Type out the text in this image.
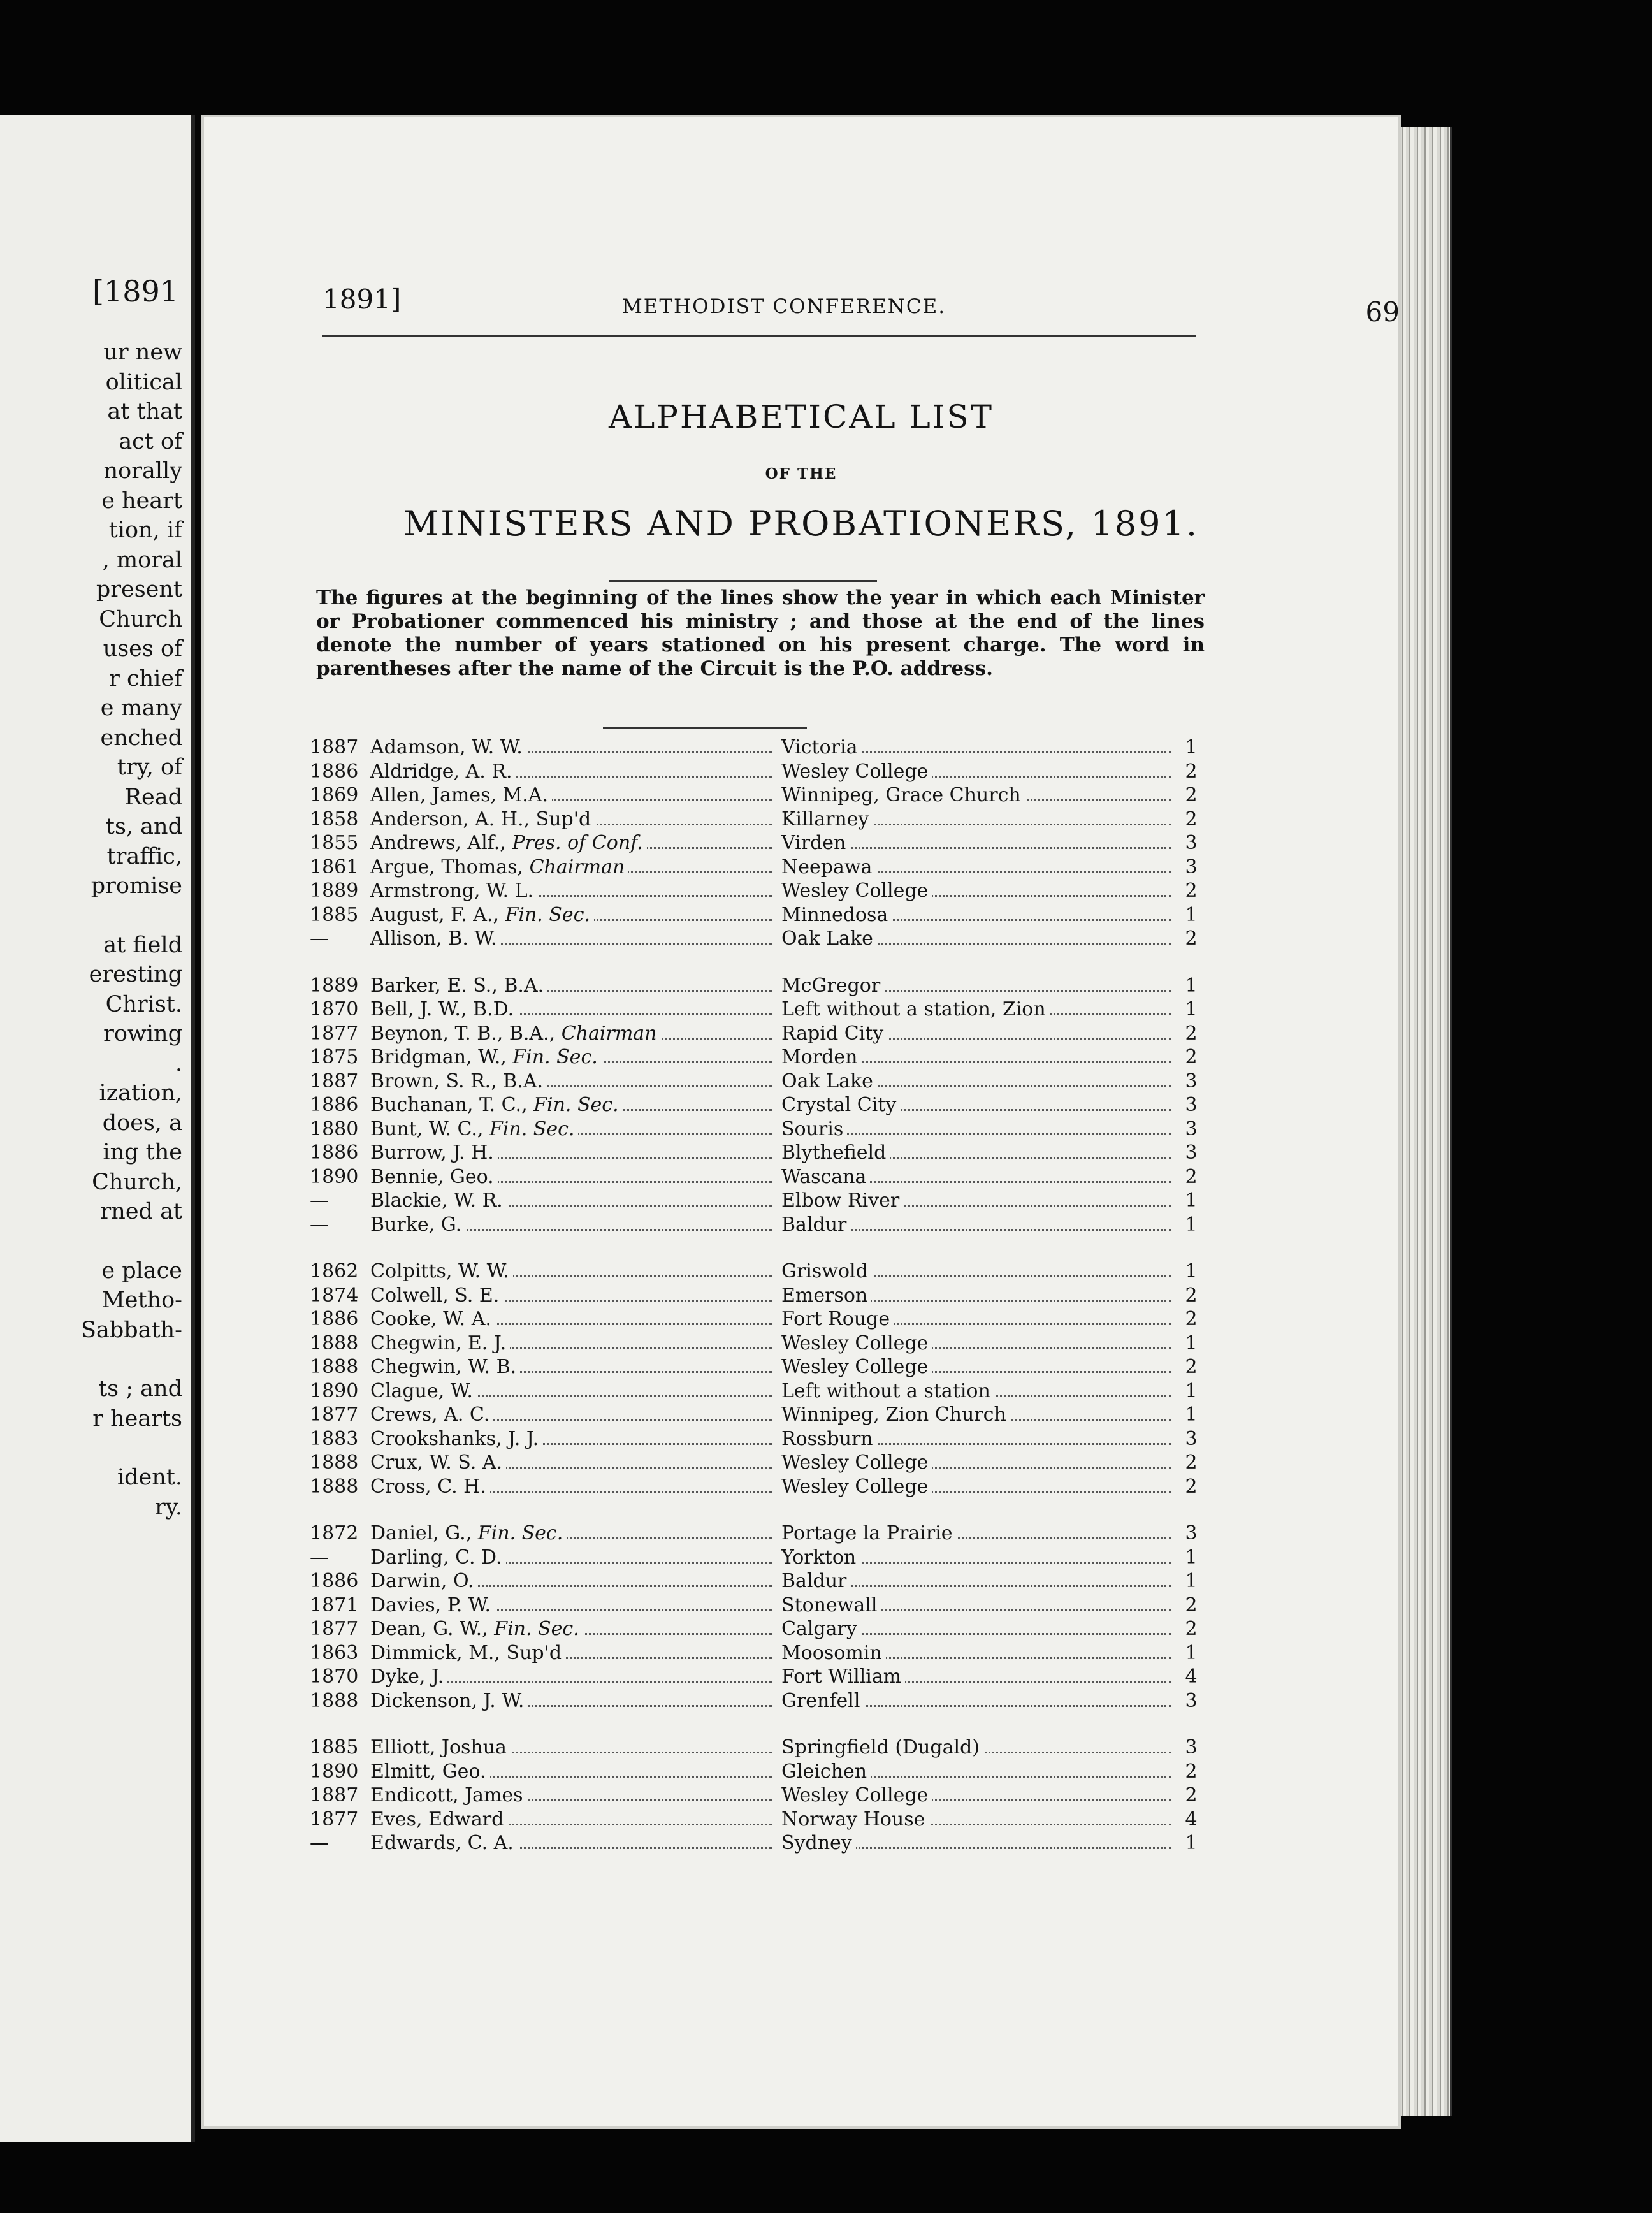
[1891
ur new
olitical
at that
act of
norally
e heart
tion, if
, moral
present
Church
uses of
r chief
e many
enched
try, of
Read
ts, and
traffic,
promise
at field
eresting
Christ.
rowing
.
ization,
does, a
ing the
Church,
rned at
e place
Metho-
Sabbath-
ts ; and
r hearts
ident.
ry.
1891]	METHODIST CONFERENCE.	69
ALPHABETICAL LIST
OF THE
MINISTERS AND PROBATIONERS, 1891.

The figures at the beginning of the lines show the year in which each Minister or Probationer commenced his ministry ; and those at the end of the lines denote the number of years stationed on his present charge. The word in parentheses after the name of the Circuit is the P.O. address.

1887 Adamson, W. W.	Victoria	1
1886 Aldridge, A. R.	Wesley College	2
1869 Allen, James, M.A.	Winnipeg, Grace Church	2
1858 Anderson, A. H., Sup'd	Killarney	2
1855 Andrews, Alf., Pres. of Conf.	Virden	3
1861 Argue, Thomas, Chairman	Neepawa	3
1889 Armstrong, W. L.	Wesley College	2
1885 August, F. A., Fin. Sec.	Minnedosa	1
—	Allison, B. W.	Oak Lake	2
1889 Barker, E. S., B.A.	McGregor	1
1870 Bell, J. W., B.D.	Left without a station, Zion	1
1877 Beynon, T. B., B.A., Chairman	Rapid City	2
1875 Bridgman, W., Fin. Sec.	Morden	2
1887 Brown, S. R., B.A.	Oak Lake	3
1886 Buchanan, T. C., Fin. Sec.	Crystal City	3
1880 Bunt, W. C., Fin. Sec.	Souris	3
1886 Burrow, J. H.	Blythefield	3
1890 Bennie, Geo.	Wascana	2
—	Blackie, W. R.	Elbow River	1
—	Burke, G.	Baldur	1
1862 Colpitts, W. W.	Griswold	1
1874 Colwell, S. E.	Emerson	2
1886 Cooke, W. A.	Fort Rouge	2
1888 Chegwin, E. J.	Wesley College	1
1888 Chegwin, W. B.	Wesley College	2
1890 Clague, W.	Left without a station	1
1877 Crews, A. C.	Winnipeg, Zion Church	1
1883 Crookshanks, J. J.	Rossburn	3
1888 Crux, W. S. A.	Wesley College	2
1888 Cross, C. H.	Wesley College	2
1872 Daniel, G., Fin. Sec.	Portage la Prairie	3
—	Darling, C. D.	Yorkton	1
1886 Darwin, O.	Baldur	1
1871 Davies, P. W.	Stonewall	2
1877 Dean, G. W., Fin. Sec.	Calgary	2
1863 Dimmick, M., Sup'd	Moosomin	1
1870 Dyke, J.	Fort William	4
1888 Dickenson, J. W.	Grenfell	3
1885 Elliott, Joshua	Springfield (Dugald)	3
1890 Elmitt, Geo.	Gleichen	2
1887 Endicott, James	Wesley College	2
1877 Eves, Edward	Norway House	4
—	Edwards, C. A.	Sydney	1
